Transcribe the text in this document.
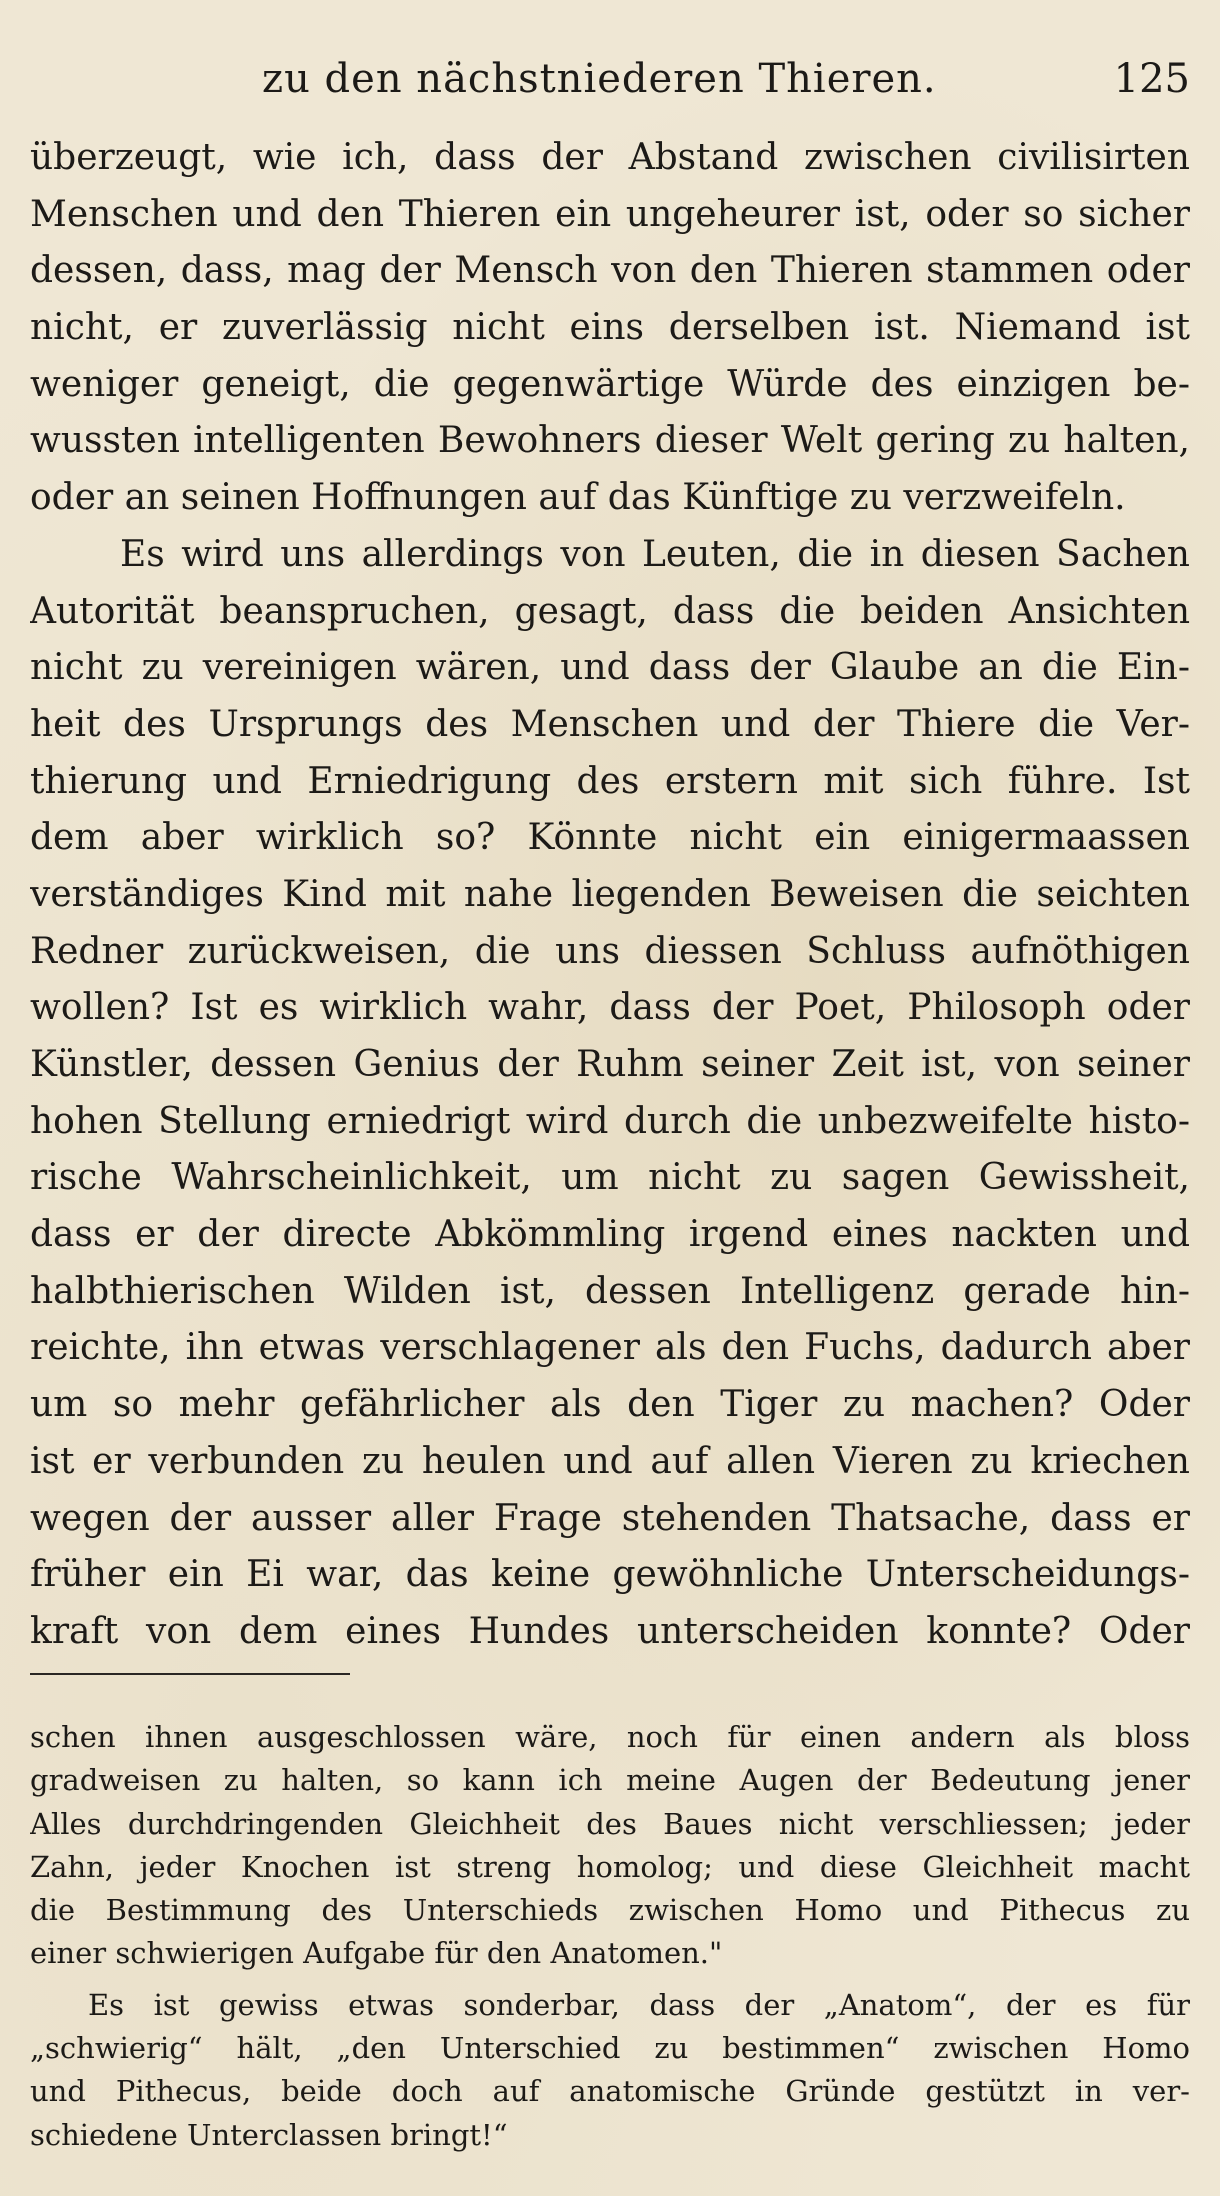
zu den nächstniederen Thieren.	125
überzeugt, wie ich, dass der Abstand zwischen civilisirten
Menschen und den Thieren ein ungeheurer ist, oder so sicher
dessen, dass, mag der Mensch von den Thieren stammen oder
nicht, er zuverlässig nicht eins derselben ist. Niemand ist
weniger geneigt, die gegenwärtige Würde des einzigen be-
wussten intelligenten Bewohners dieser Welt gering zu halten,
oder an seinen Hoffnungen auf das Künftige zu verzweifeln.
Es wird uns allerdings von Leuten, die in diesen Sachen
Autorität beanspruchen, gesagt, dass die beiden Ansichten
nicht zu vereinigen wären, und dass der Glaube an die Ein-
heit des Ursprungs des Menschen und der Thiere die Ver-
thierung und Erniedrigung des erstern mit sich führe. Ist
dem aber wirklich so? Könnte nicht ein einigermaassen
verständiges Kind mit nahe liegenden Beweisen die seichten
Redner zurückweisen, die uns diessen Schluss aufnöthigen
wollen? Ist es wirklich wahr, dass der Poet, Philosoph oder
Künstler, dessen Genius der Ruhm seiner Zeit ist, von seiner
hohen Stellung erniedrigt wird durch die unbezweifelte histo-
rische Wahrscheinlichkeit, um nicht zu sagen Gewissheit,
dass er der directe Abkömmling irgend eines nackten und
halbthierischen Wilden ist, dessen Intelligenz gerade hin-
reichte, ihn etwas verschlagener als den Fuchs, dadurch aber
um so mehr gefährlicher als den Tiger zu machen? Oder
ist er verbunden zu heulen und auf allen Vieren zu kriechen
wegen der ausser aller Frage stehenden Thatsache, dass er
früher ein Ei war, das keine gewöhnliche Unterscheidungs-
kraft von dem eines Hundes unterscheiden konnte? Oder
schen ihnen ausgeschlossen wäre, noch für einen andern als bloss
gradweisen zu halten, so kann ich meine Augen der Bedeutung jener
Alles durchdringenden Gleichheit des Baues nicht verschliessen; jeder
Zahn, jeder Knochen ist streng homolog; und diese Gleichheit macht
die Bestimmung des Unterschieds zwischen Homo und Pithecus zu
einer schwierigen Aufgabe für den Anatomen."
Es ist gewiss etwas sonderbar, dass der „Anatom“, der es für
„schwierig“ hält, „den Unterschied zu bestimmen“ zwischen Homo
und Pithecus, beide doch auf anatomische Gründe gestützt in ver-
schiedene Unterclassen bringt!“
